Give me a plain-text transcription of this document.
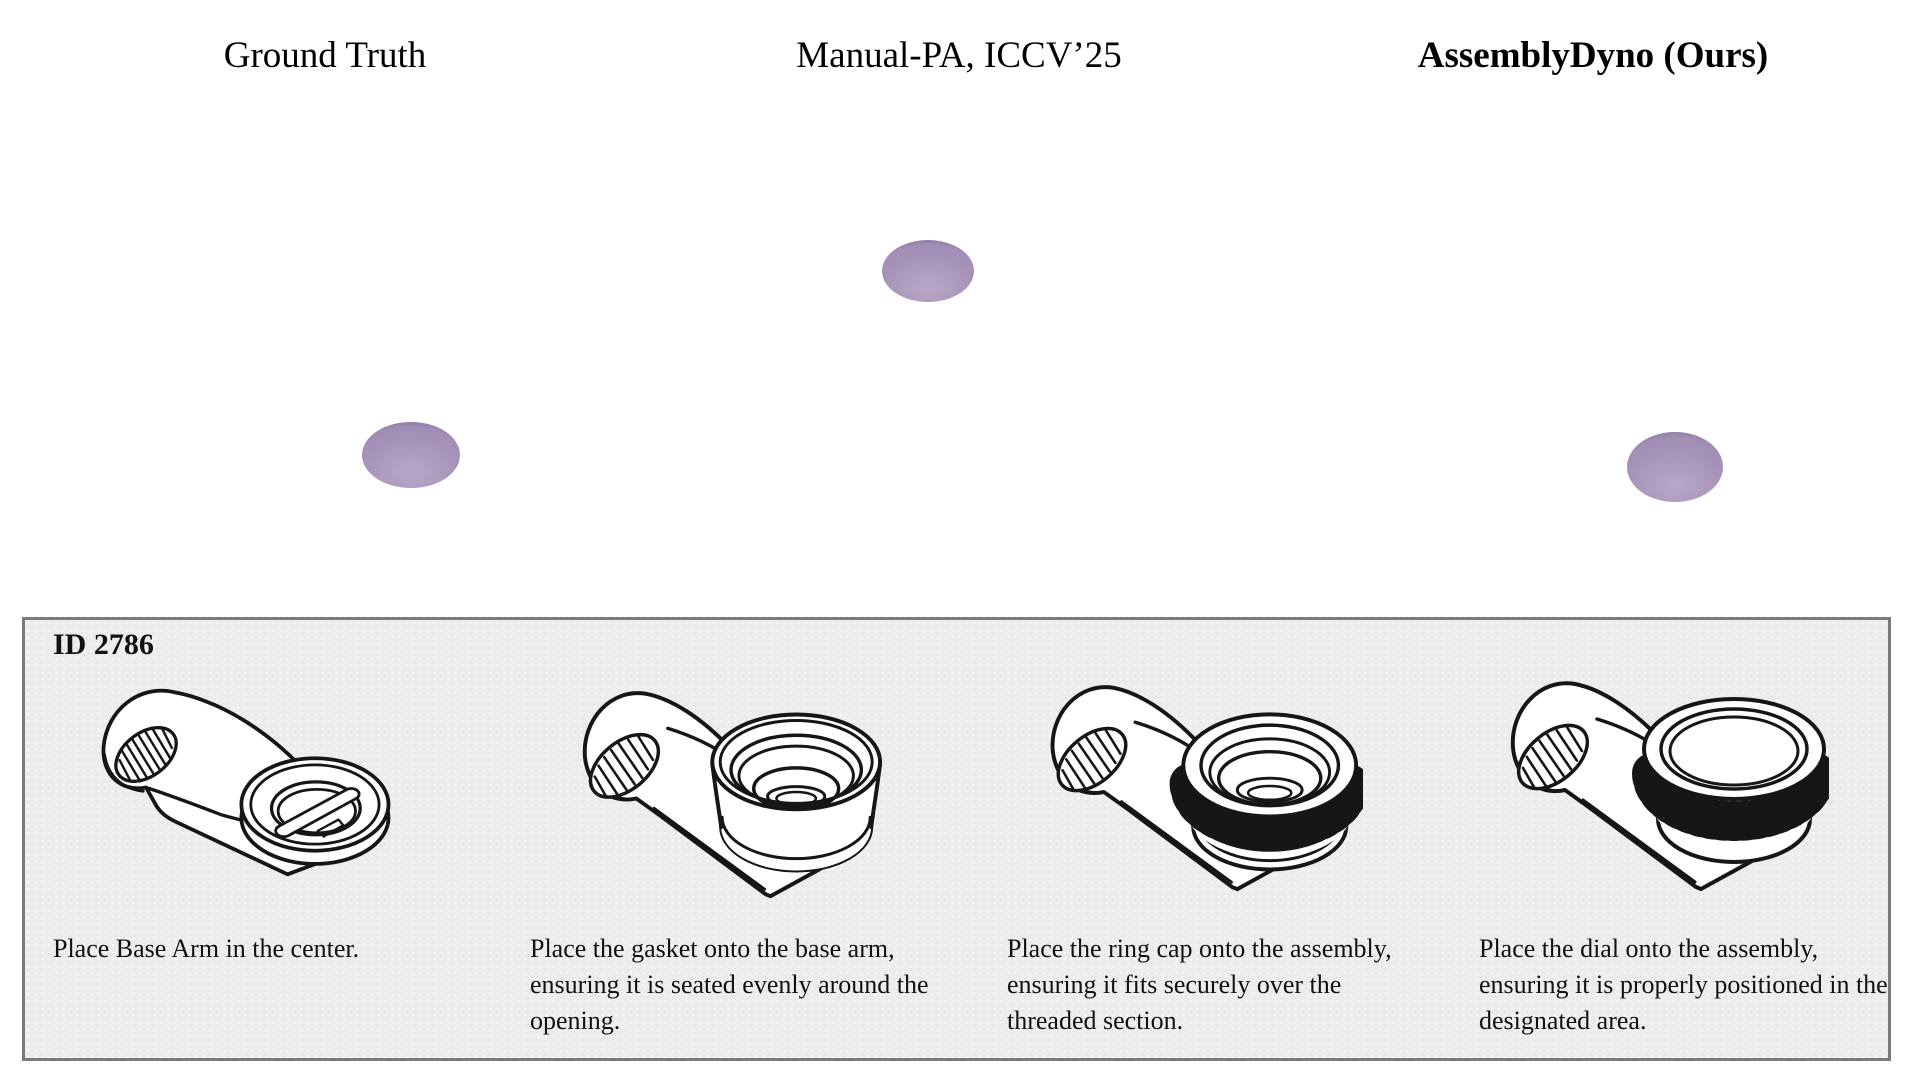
Ground Truth	Manual-PA, ICCV’25	AssemblyDyno (Ours)
ID 2786
Place Base Arm in the center.	Place the gasket onto the base arm, ensuring it is seated evenly around the opening.
Place the ring cap onto the assembly, ensuring it fits securely over the threaded section.
Place the dial onto the assembly, ensuring it is properly positioned in the designated area.
